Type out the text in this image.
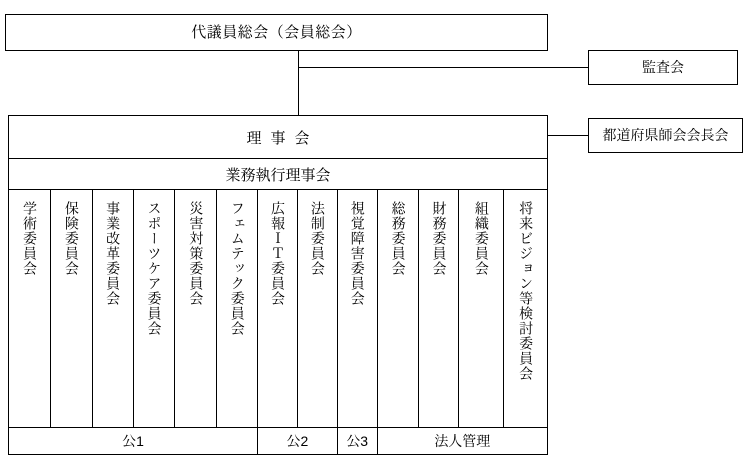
代議員総会（会員総会）
監査会
都道府県師会会長会
理事会
業務執行理事会
学術委員会 保険委員会 事業改革委員会 スポーツケア委員会 災害対策委員会 フェムテック委員会 広報ＩＴ委員会 法制委員会 視覚障害委員会 総務委員会 財務委員会 組織委員会 将来ビジョン等検討委員会
公1	公2	公3	法人管理
